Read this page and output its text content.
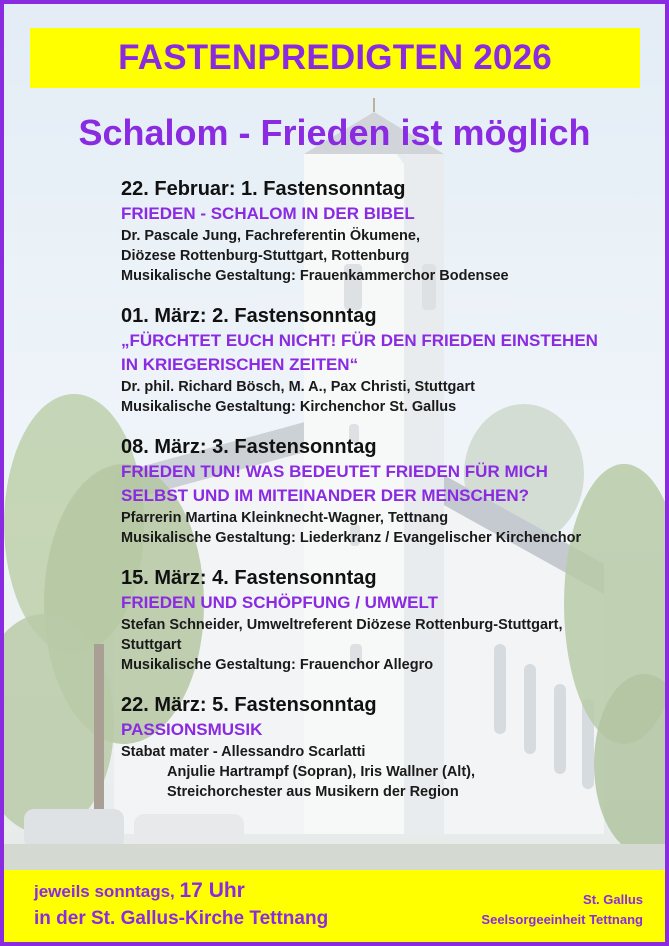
FASTENPREDIGTEN 2026
Schalom - Frieden ist möglich
22. Februar: 1. Fastensonntag
FRIEDEN - SCHALOM IN DER BIBEL
Dr. Pascale Jung, Fachreferentin Ökumene,
Diözese Rottenburg-Stuttgart, Rottenburg
Musikalische Gestaltung: Frauenkammerchor Bodensee
01. März: 2. Fastensonntag
„FÜRCHTET EUCH NICHT! FÜR DEN FRIEDEN EINSTEHEN
IN KRIEGERISCHEN ZEITEN“
Dr. phil. Richard Bösch, M. A., Pax Christi, Stuttgart
Musikalische Gestaltung: Kirchenchor St. Gallus
08. März: 3. Fastensonntag
FRIEDEN TUN! WAS BEDEUTET FRIEDEN FÜR MICH
SELBST UND IM MITEINANDER DER MENSCHEN?
Pfarrerin Martina Kleinknecht-Wagner, Tettnang
Musikalische Gestaltung: Liederkranz / Evangelischer Kirchenchor
15. März: 4. Fastensonntag
FRIEDEN UND SCHÖPFUNG / UMWELT
Stefan Schneider, Umweltreferent Diözese Rottenburg-Stuttgart,
Stuttgart
Musikalische Gestaltung: Frauenchor Allegro
22. März: 5. Fastensonntag
PASSIONSMUSIK
Stabat mater - Allessandro Scarlatti
Anjulie Hartrampf (Sopran), Iris Wallner (Alt),
Streichorchester aus Musikern der Region
jeweils sonntags, 17 Uhr
in der St. Gallus-Kirche Tettnang
St. Gallus
Seelsorgeeinheit Tettnang
